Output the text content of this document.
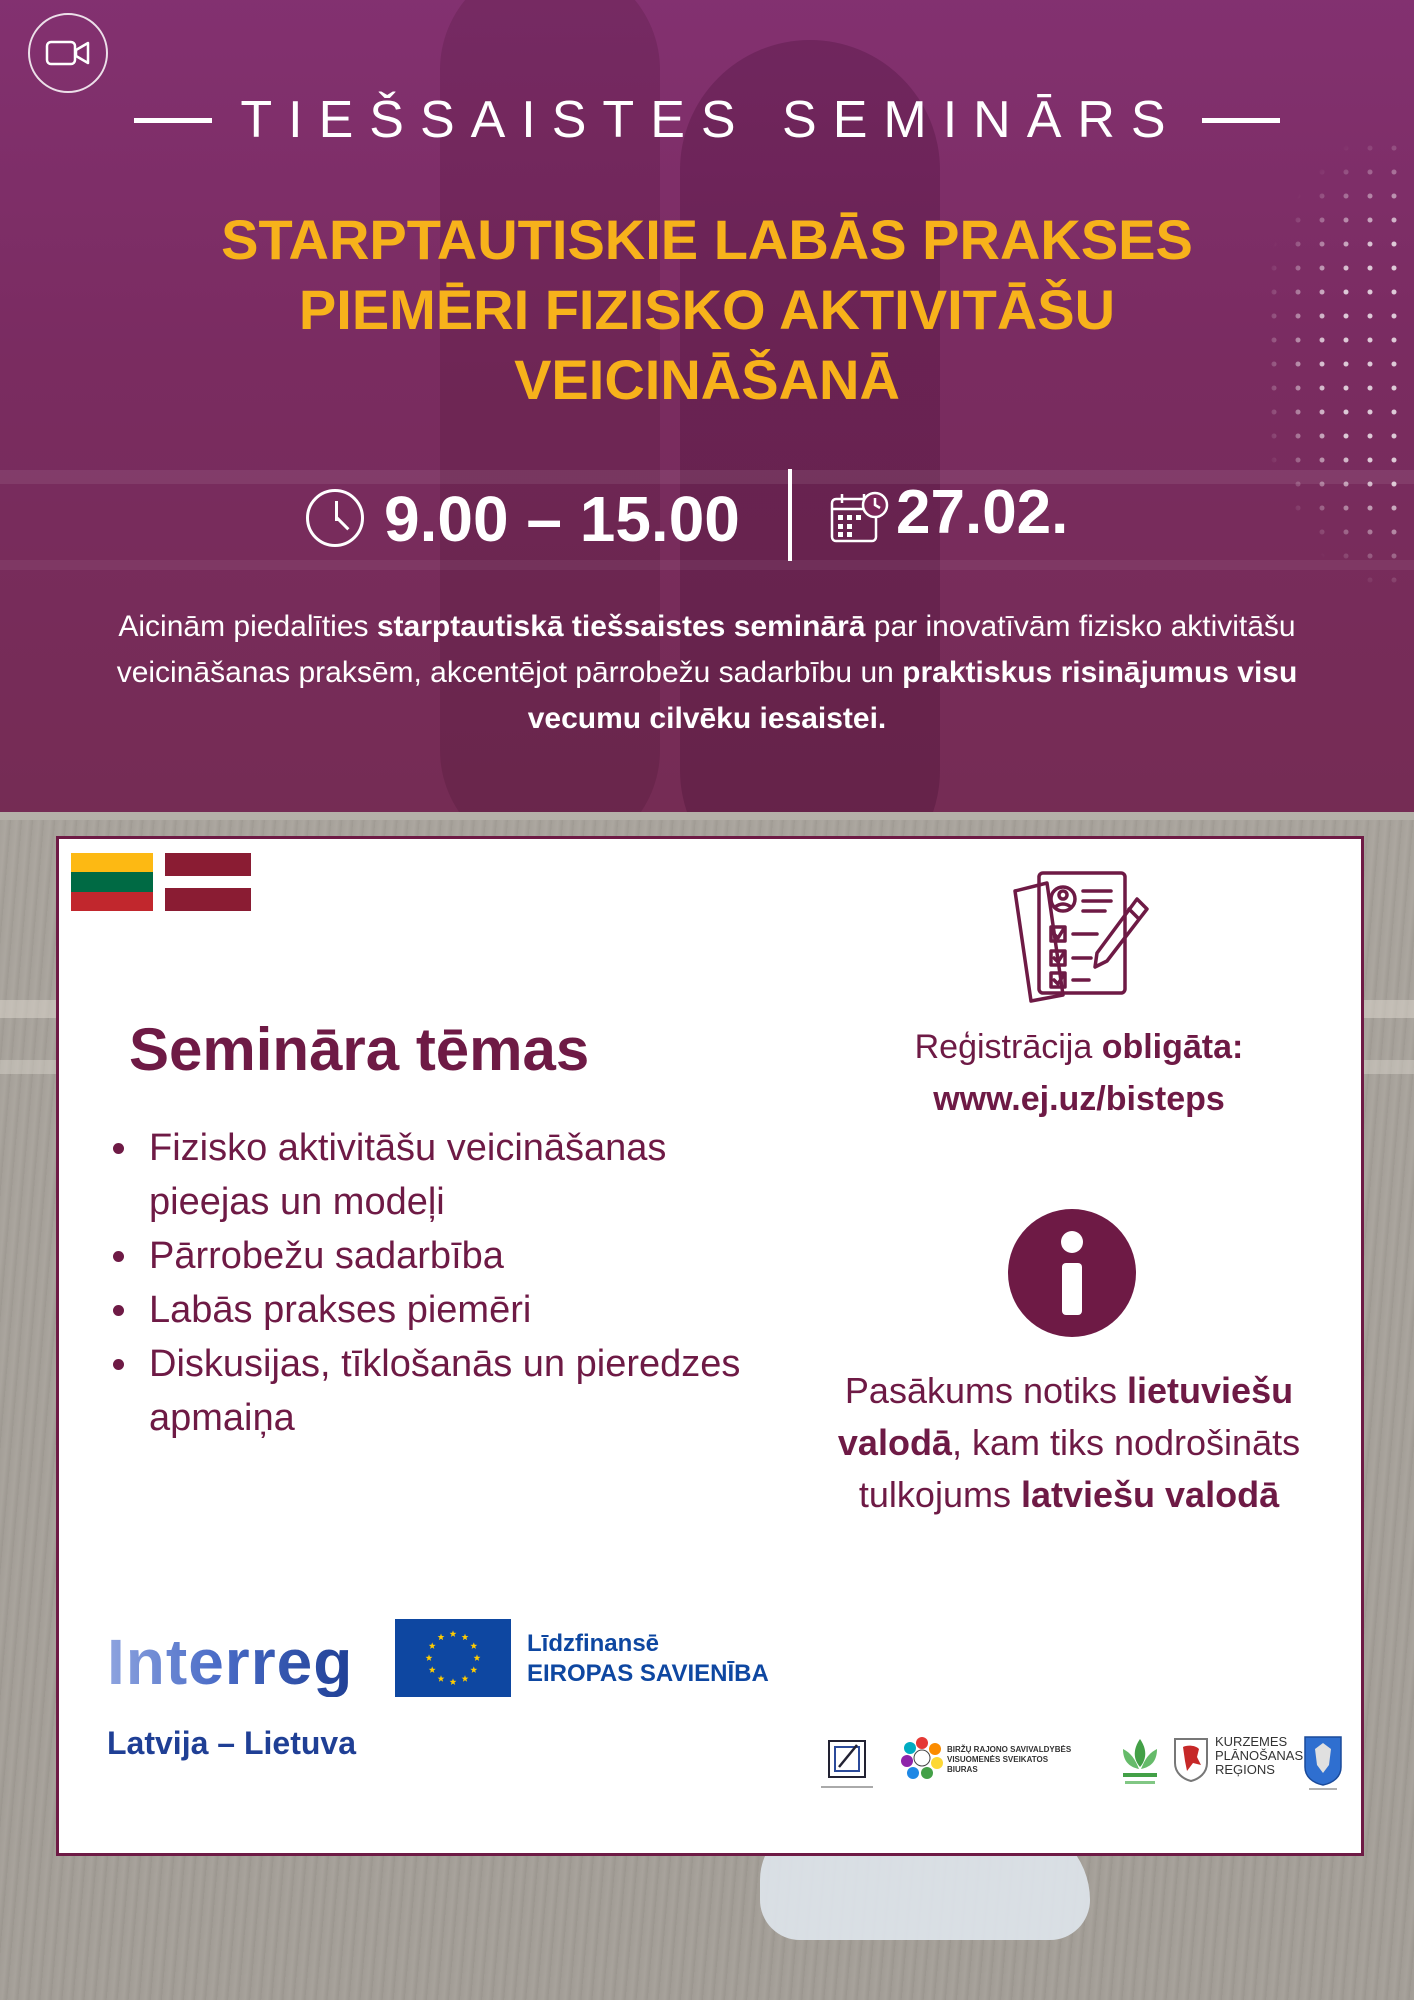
TIEŠSAISTES SEMINĀRS
STARPTAUTISKIE LABĀS PRAKSES PIEMĒRI FIZISKO AKTIVITĀŠU VEICINĀŠANĀ
9.00 – 15.00	27.02.

Aicinām piedalīties starptautiskā tiešsaistes seminārā par inovatīvām fizisko aktivitāšu veicināšanas praksēm, akcentējot pārrobežu sadarbību un praktiskus risinājumus visu vecumu cilvēku iesaistei.

Semināra tēmas
Fizisko aktivitāšu veicināšanas pieejas un modeļi
Pārrobežu sadarbība
Labās prakses piemēri
Diskusijas, tīklošanās un pieredzes apmaiņa

Reģistrācija obligāta:
www.ej.uz/bisteps

Pasākums notiks lietuviešu valodā, kam tiks nodrošināts tulkojums latviešu valodā

Interreg
Latvija – Lietuva
Līdzfinansē
EIROPAS SAVIENĪBA
BIRŽŲ RAJONO SAVIVALDYBĖS VISUOMENĖS SVEIKATOS BIURAS
KURZEMES
PLĀNOŠANAS
REĢIONS
